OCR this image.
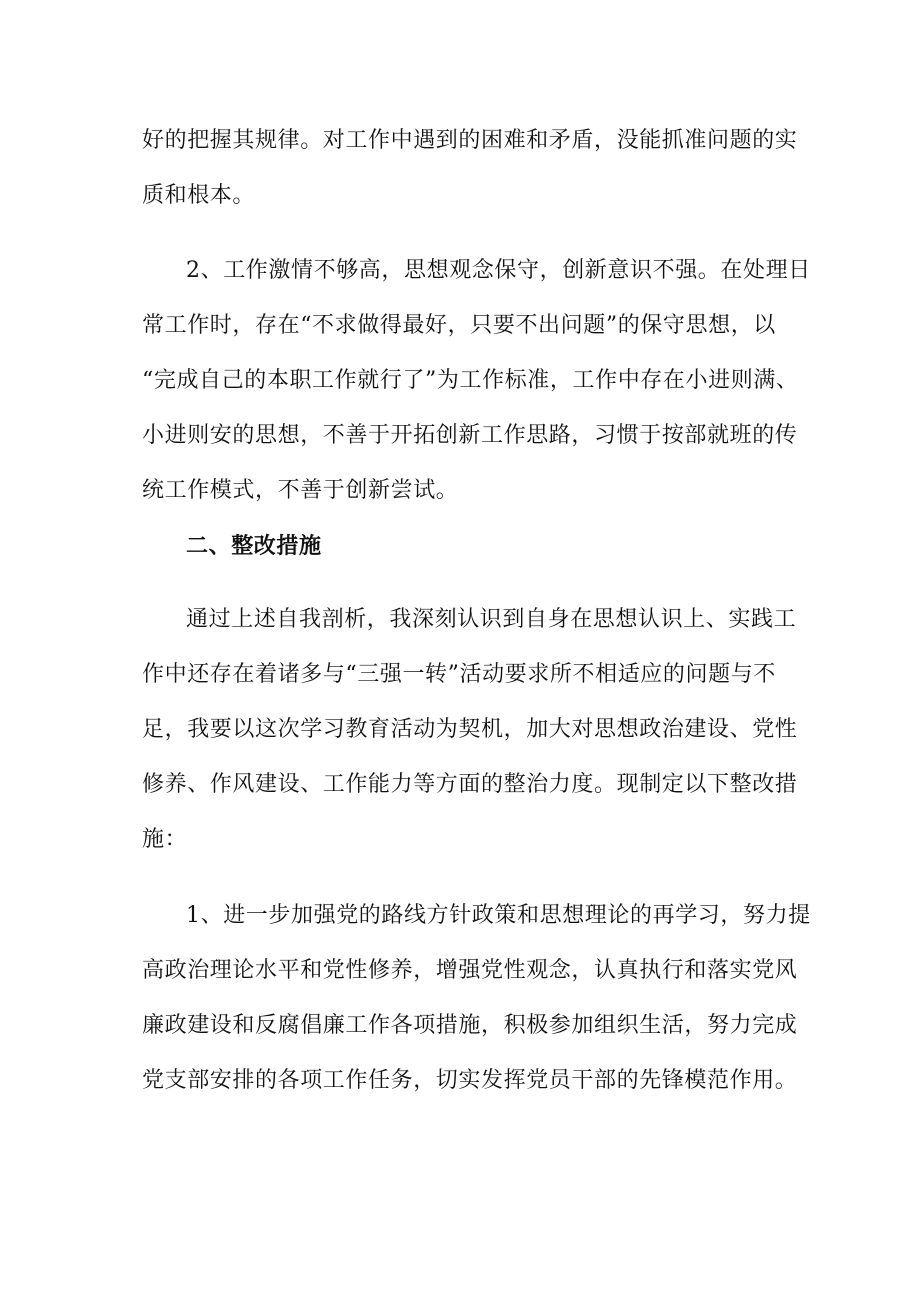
好的把握其规律。对工作中遇到的困难和矛盾，没能抓准问题的实
质和根本。
2、工作激情不够高，思想观念保守，创新意识不强。在处理日
常工作时，存在“不求做得最好，只要不出问题”的保守思想，以
“完成自己的本职工作就行了”为工作标准，工作中存在小进则满、
小进则安的思想，不善于开拓创新工作思路，习惯于按部就班的传
统工作模式，不善于创新尝试。
二、整改措施
通过上述自我剖析，我深刻认识到自身在思想认识上、实践工
作中还存在着诸多与“三强一转”活动要求所不相适应的问题与不
足，我要以这次学习教育活动为契机，加大对思想政治建设、党性
修养、作风建设、工作能力等方面的整治力度。现制定以下整改措
施：
1、进一步加强党的路线方针政策和思想理论的再学习，努力提
高政治理论水平和党性修养，增强党性观念，认真执行和落实党风
廉政建设和反腐倡廉工作各项措施，积极参加组织生活，努力完成
党支部安排的各项工作任务，切实发挥党员干部的先锋模范作用。
